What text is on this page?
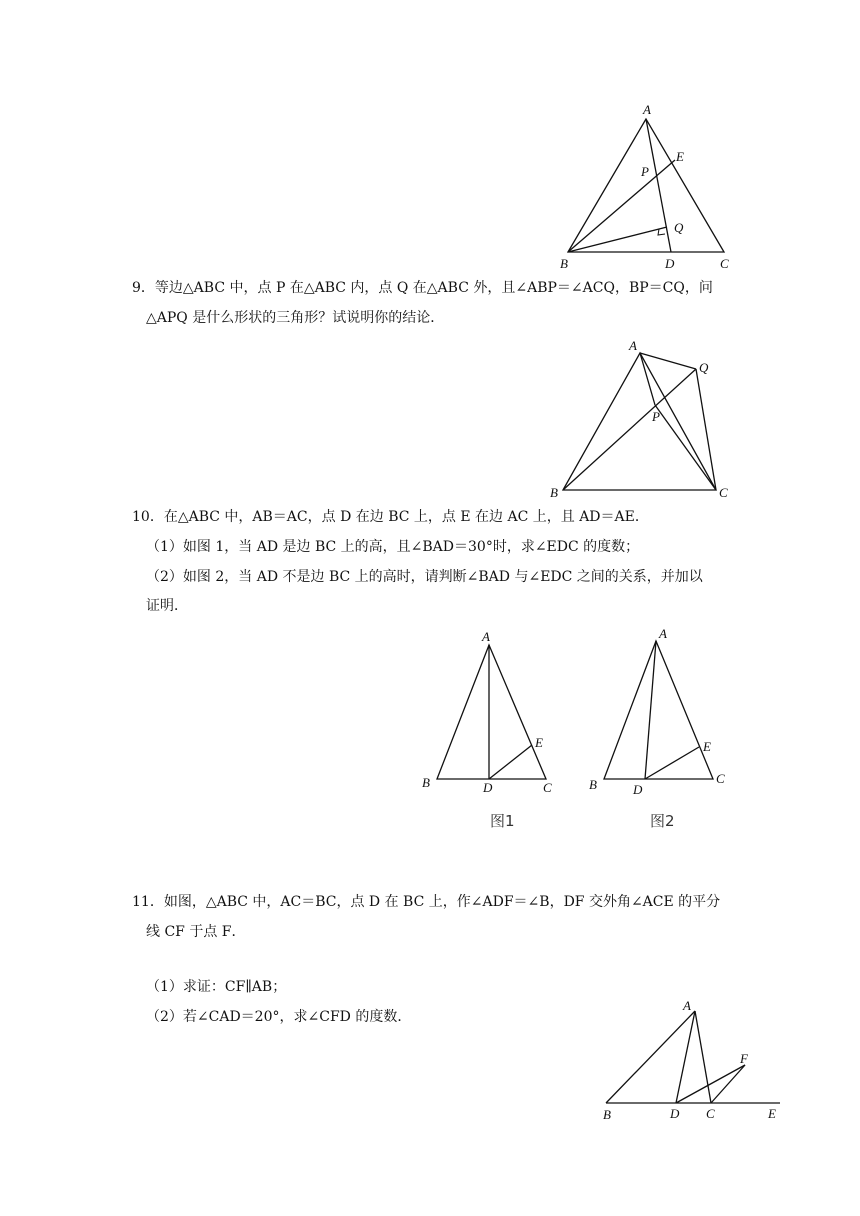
A
E
P
Q
B	D	C
9．等边△ABC 中，点 P 在△ABC 内，点 Q 在△ABC 外，且∠ABP＝∠ACQ，BP＝CQ，问
△APQ 是什么形状的三角形？试说明你的结论．
A
Q
P
B	C
10．在△ABC 中，AB＝AC，点 D 在边 BC 上，点 E 在边 AC 上，且 AD＝AE．
（1）如图 1，当 AD 是边 BC 上的高，且∠BAD＝30°时，求∠EDC 的度数；
（2）如图 2，当 AD 不是边 BC 上的高时，请判断∠BAD 与∠EDC 之间的关系，并加以
证明．
A
E
B	D	C
图1
A
E
B	D
C
图2
11．如图，△ABC 中，AC＝BC，点 D 在 BC 上，作∠ADF＝∠B，DF 交外角∠ACE 的平分
线 CF 于点 F．
（1）求证：CF∥AB；
（2）若∠CAD＝20°，求∠CFD 的度数．
A
F
B	D C	E
